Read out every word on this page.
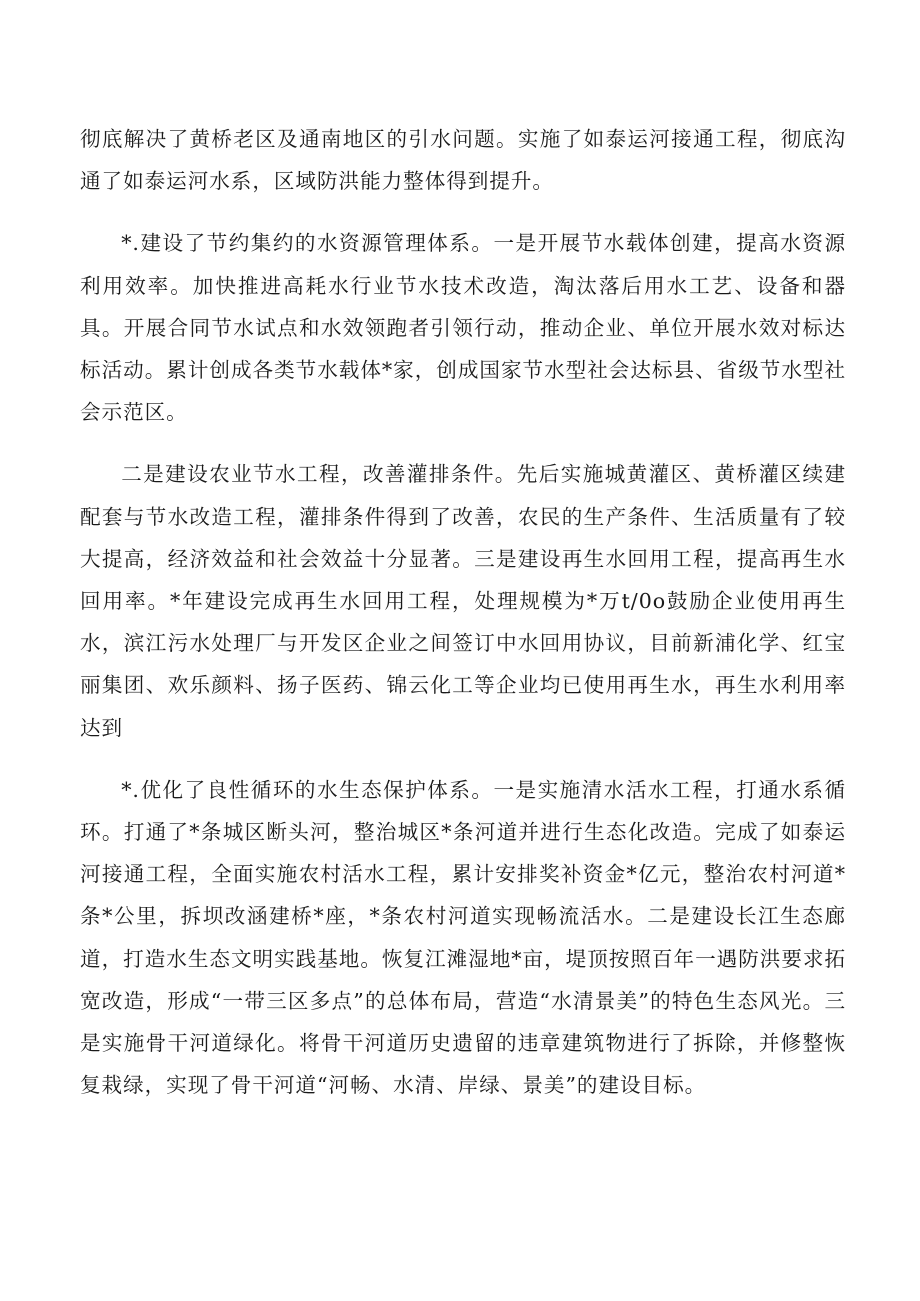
彻底解决了黄桥老区及通南地区的引水问题。实施了如泰运河接通工程，彻底沟通了如泰运河水系，区域防洪能力整体得到提升。

*.建设了节约集约的水资源管理体系。一是开展节水载体创建，提高水资源利用效率。加快推进高耗水行业节水技术改造，淘汰落后用水工艺、设备和器具。开展合同节水试点和水效领跑者引领行动，推动企业、单位开展水效对标达标活动。累计创成各类节水载体*家，创成国家节水型社会达标县、省级节水型社会示范区。

二是建设农业节水工程，改善灌排条件。先后实施城黄灌区、黄桥灌区续建配套与节水改造工程，灌排条件得到了改善，农民的生产条件、生活质量有了较大提高，经济效益和社会效益十分显著。三是建设再生水回用工程，提高再生水回用率。*年建设完成再生水回用工程，处理规模为*万t/0o鼓励企业使用再生水，滨江污水处理厂与开发区企业之间签订中水回用协议，目前新浦化学、红宝丽集团、欢乐颜料、扬子医药、锦云化工等企业均已使用再生水，再生水利用率达到

*.优化了良性循环的水生态保护体系。一是实施清水活水工程，打通水系循环。打通了*条城区断头河，整治城区*条河道并进行生态化改造。完成了如泰运河接通工程，全面实施农村活水工程，累计安排奖补资金*亿元，整治农村河道*条*公里，拆坝改涵建桥*座，*条农村河道实现畅流活水。二是建设长江生态廊道，打造水生态文明实践基地。恢复江滩湿地*亩，堤顶按照百年一遇防洪要求拓宽改造，形成“一带三区多点”的总体布局，营造“水清景美”的特色生态风光。三是实施骨干河道绿化。将骨干河道历史遗留的违章建筑物进行了拆除，并修整恢复栽绿，实现了骨干河道“河畅、水清、岸绿、景美”的建设目标。
